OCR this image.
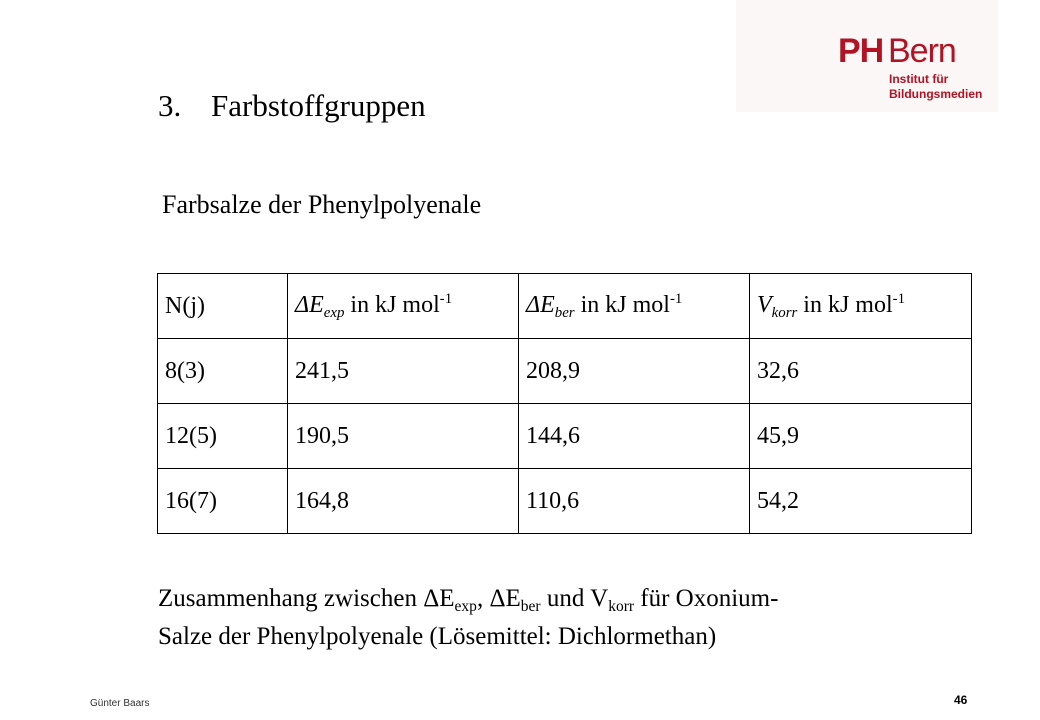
PH Bern
Institut für
Bildungsmedien
3. Farbstoffgruppen
Farbsalze der Phenylpolyenale
N(j)	$\Delta E_{exp}$ in kJ mol$^{-1}$	$\Delta E_{ber}$ in kJ mol$^{-1}$	$V_{korr}$ in kJ mol$^{-1}$
8(3)	241,5	208,9	32,6
12(5)	190,5	144,6	45,9
16(7)	164,8	110,6	54,2
Zusammenhang zwischen $\Delta E_{exp}$, $\Delta E_{ber}$ und $V_{korr}$ für Oxonium-
Salze der Phenylpolyenale (Lösemittel: Dichlormethan)
Günter Baars	46
